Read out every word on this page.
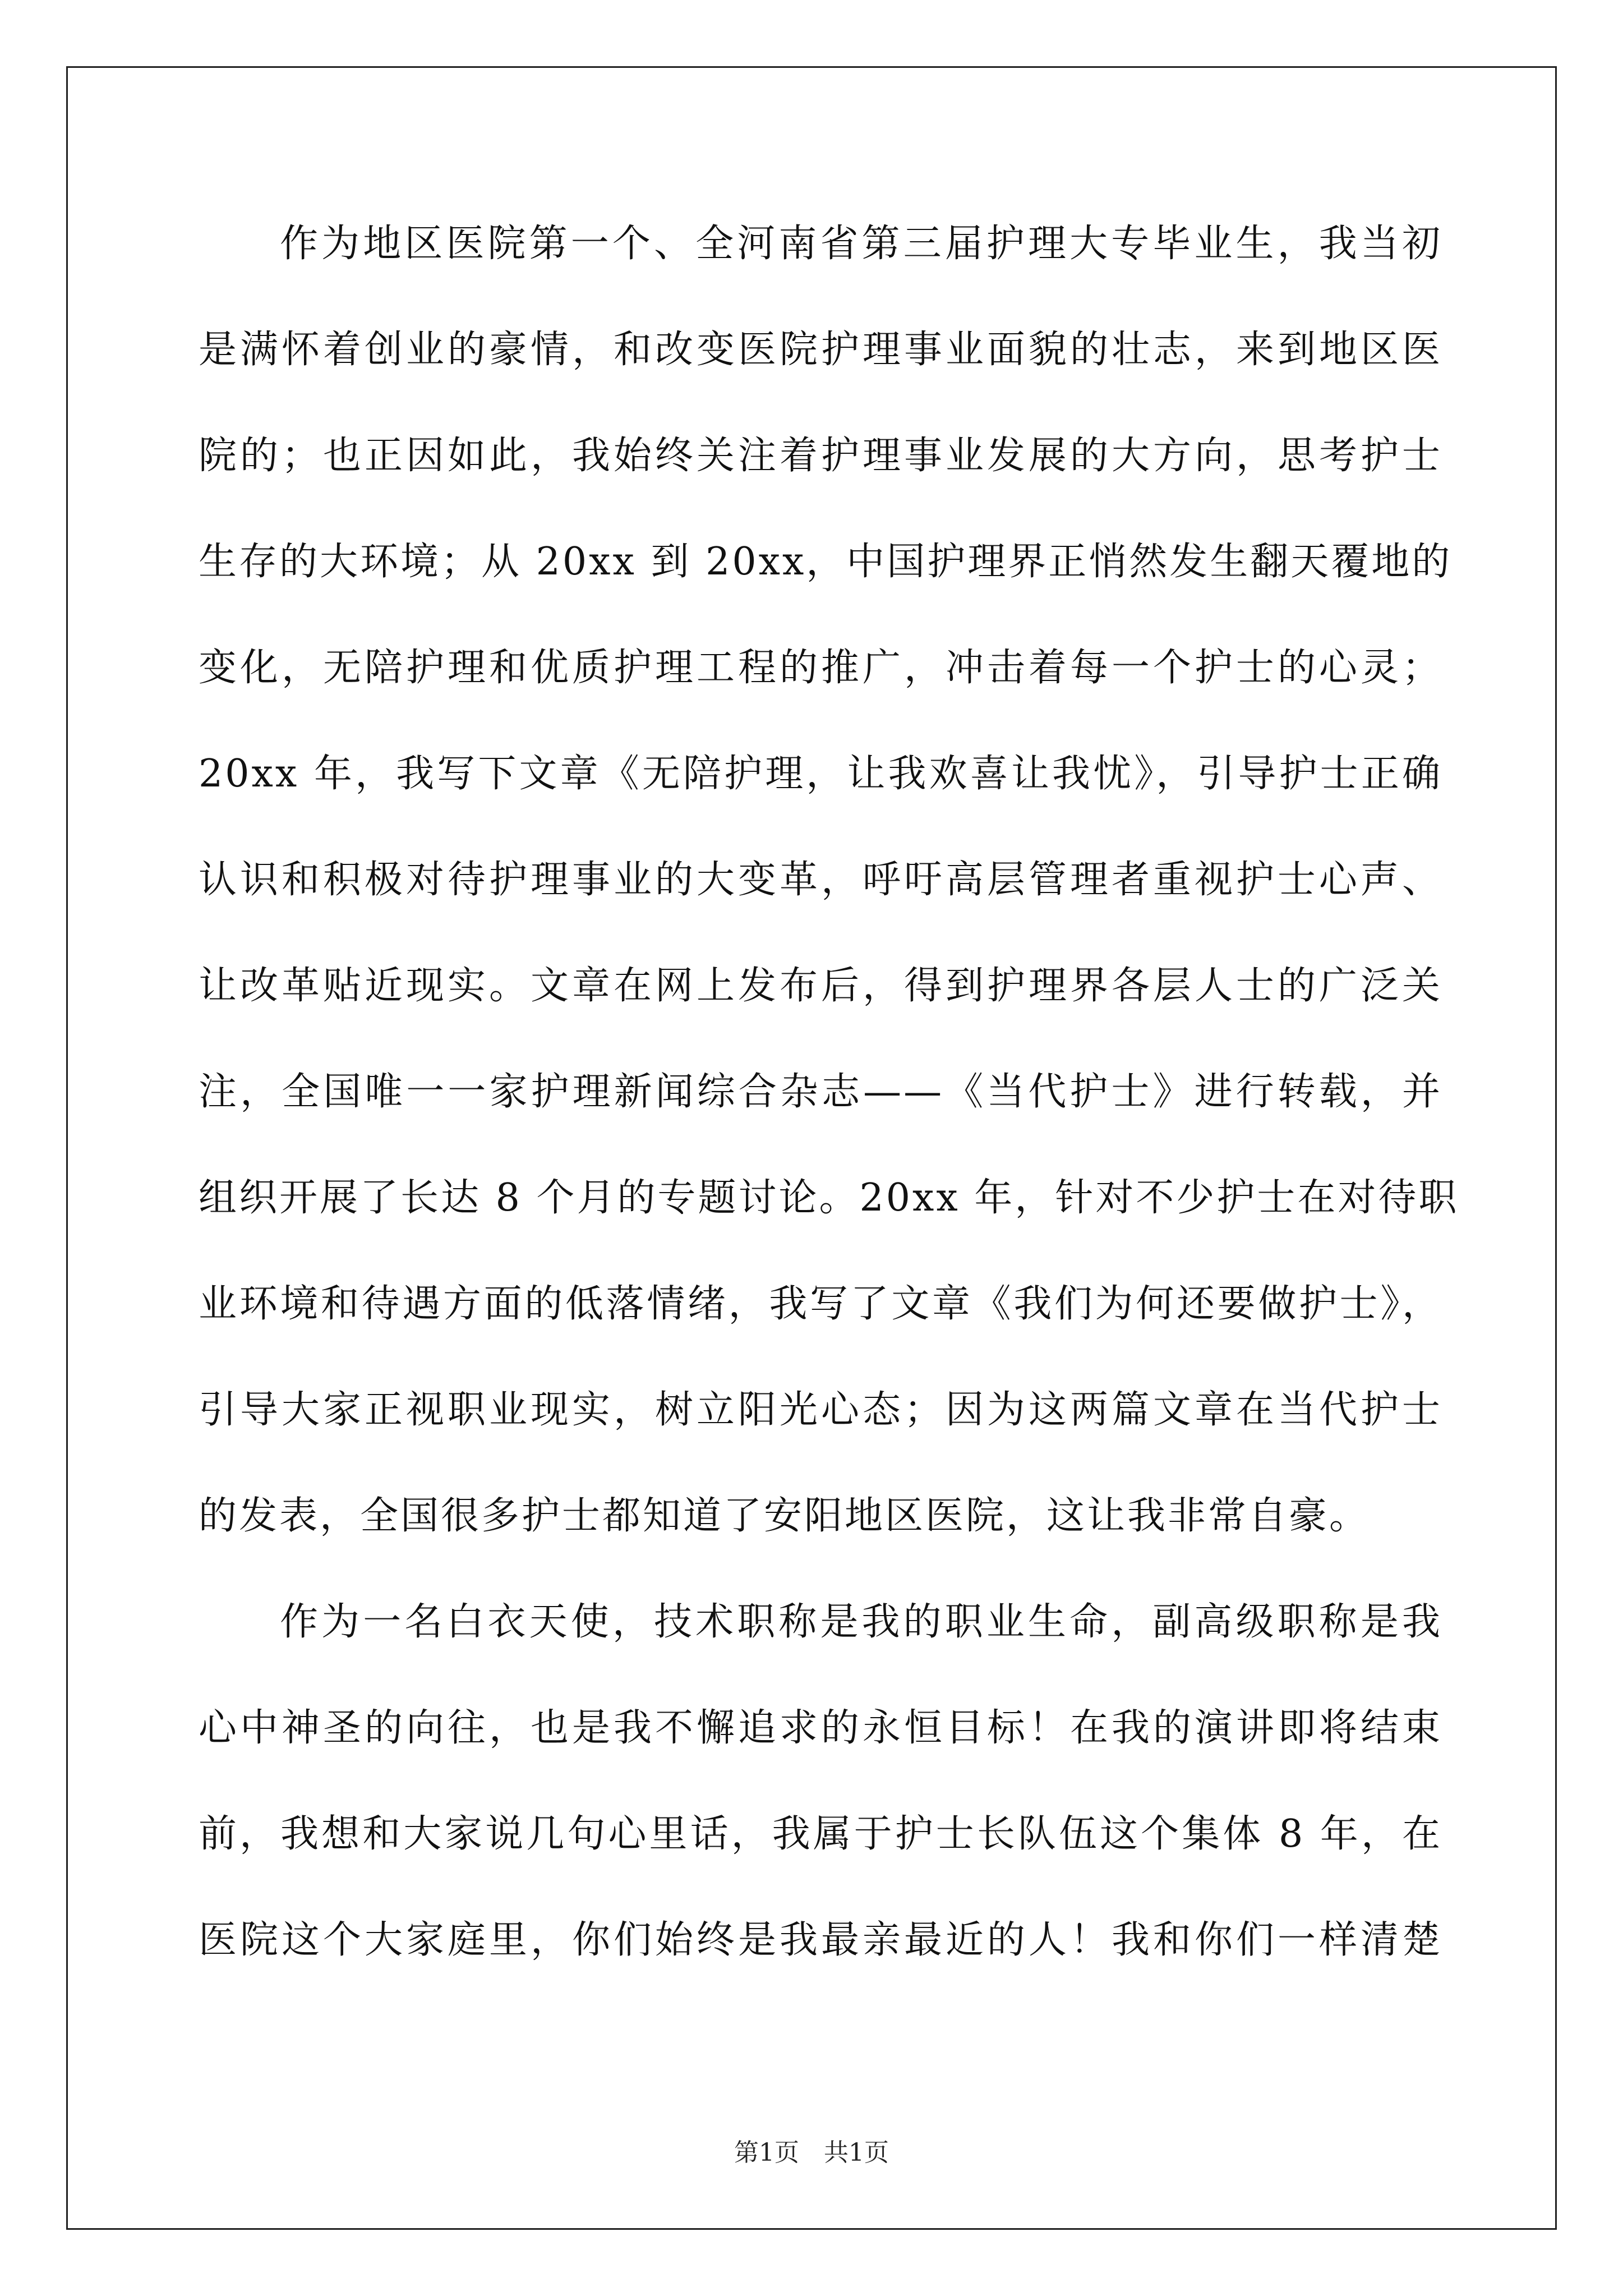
作为地区医院第一个、全河南省第三届护理大专毕业生，我当初
是满怀着创业的豪情，和改变医院护理事业面貌的壮志，来到地区医
院的；也正因如此，我始终关注着护理事业发展的大方向，思考护士
生存的大环境；从 20xx 到 20xx，中国护理界正悄然发生翻天覆地的
变化，无陪护理和优质护理工程的推广，冲击着每一个护士的心灵；
20xx 年，我写下文章《无陪护理，让我欢喜让我忧》，引导护士正确
认识和积极对待护理事业的大变革，呼吁高层管理者重视护士心声、
让改革贴近现实。文章在网上发布后，得到护理界各层人士的广泛关
注，全国唯一一家护理新闻综合杂志——《当代护士》进行转载，并
组织开展了长达 8 个月的专题讨论。20xx 年，针对不少护士在对待职
业环境和待遇方面的低落情绪，我写了文章《我们为何还要做护士》，
引导大家正视职业现实，树立阳光心态；因为这两篇文章在当代护士
的发表，全国很多护士都知道了安阳地区医院，这让我非常自豪。
作为一名白衣天使，技术职称是我的职业生命，副高级职称是我
心中神圣的向往，也是我不懈追求的永恒目标！在我的演讲即将结束
前，我想和大家说几句心里话，我属于护士长队伍这个集体 8 年，在
医院这个大家庭里，你们始终是我最亲最近的人！我和你们一样清楚
第1页　共1页
